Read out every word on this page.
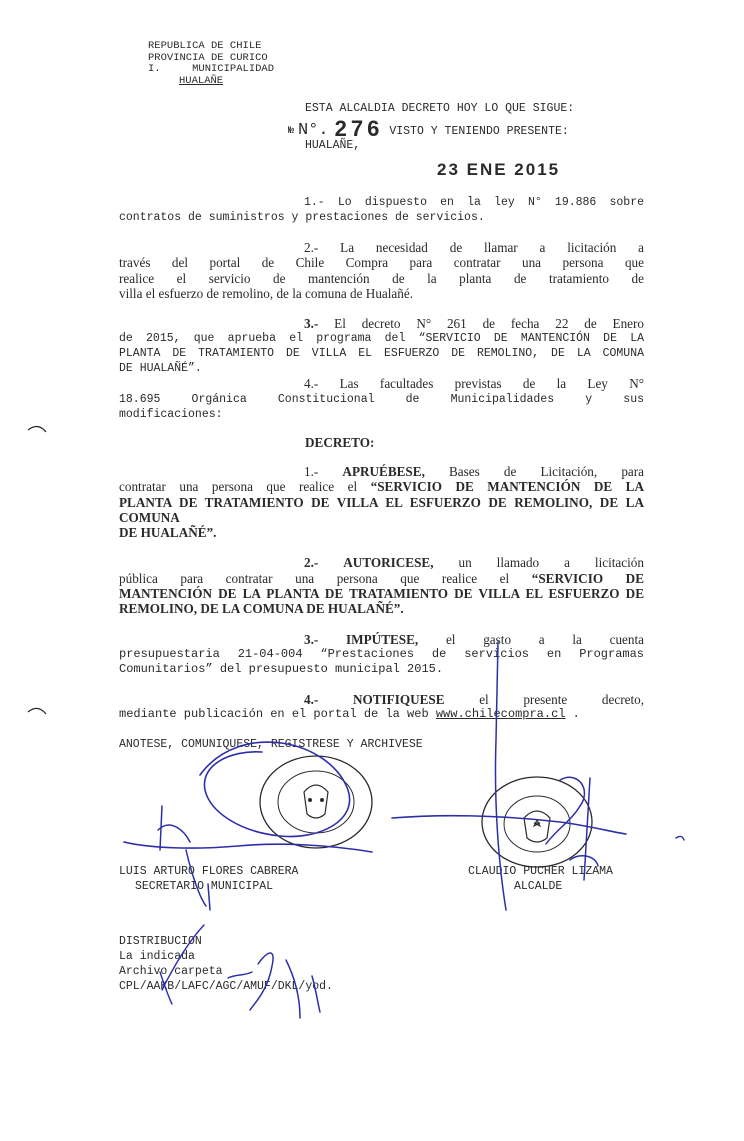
REPUBLICA DE CHILE
PROVINCIA DE CURICO
I.     MUNICIPALIDAD
HUALAÑE
ESTA ALCALDIA DECRETO HOY LO QUE SIGUE:
№ N°. 276 VISTO Y TENIENDO PRESENTE:
HUALAÑE,
23 ENE 2015
1.- Lo dispuesto en la ley N° 19.886 sobre
contratos de suministros y prestaciones de servicios.
2.- La necesidad de llamar a licitación a
través del portal de Chile Compra para contratar una persona que
realice el servicio de mantención de la planta de tratamiento de
villa el esfuerzo de remolino, de la comuna de Hualañé.
3.- El decreto N° 261 de fecha 22 de Enero
de 2015, que aprueba el programa del “SERVICIO DE MANTENCIÓN DE LA
PLANTA DE TRATAMIENTO DE VILLA EL ESFUERZO DE REMOLINO, DE LA COMUNA
DE HUALAÑÉ”.
4.- Las facultades previstas de la Ley N°
18.695 Orgánica Constitucional de Municipalidades y sus
modificaciones:
DECRETO:
1.- APRUÉBESE, Bases de Licitación, para
contratar una persona que realice el “SERVICIO DE MANTENCIÓN DE LA
PLANTA DE TRATAMIENTO DE VILLA EL ESFUERZO DE REMOLINO, DE LA COMUNA
DE HUALAÑÉ”.
2.- AUTORICESE, un llamado a licitación
pública para contratar una persona que realice el “SERVICIO DE
MANTENCIÓN DE LA PLANTA DE TRATAMIENTO DE VILLA EL ESFUERZO DE
REMOLINO, DE LA COMUNA DE HUALAÑÉ”.
3.- IMPÚTESE, el gasto a la cuenta
presupuestaria 21-04-004 “Prestaciones de servicios en Programas
Comunitarios” del presupuesto municipal 2015.
4.-	NOTIFIQUESE	el presente decreto,
mediante publicación en el portal de la web www.chilecompra.cl .
ANOTESE, COMUNIQUESE, REGISTRESE Y ARCHIVESE
LUIS ARTURO FLORES CABRERA
SECRETARIO MUNICIPAL
CLAUDIO PUCHER LIZAMA
ALCALDE
DISTRIBUCION
La indicada
Archivo carpeta
CPL/AAKB/LAFC/AGC/AMUF/DKL/yod.
